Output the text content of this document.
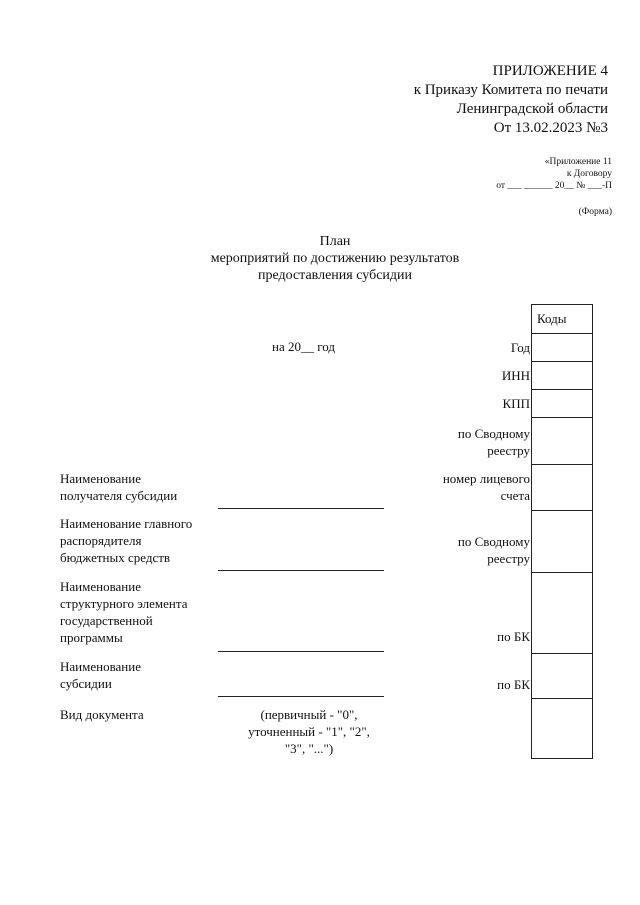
ПРИЛОЖЕНИЕ 4
к Приказу Комитета по печати
Ленинградской области
От 13.02.2023 №3
«Приложение 11
к Договору
от ___ ______ 20__ № ___-П
(Форма)
План
мероприятий по достижению результатов
предоставления субсидии
на 20__ год
Коды
Год
ИНН
КПП
по Сводному
реестру
номер лицевого
счета
по Сводному
реестру
по БК
по БК
Наименование
получателя субсидии
Наименование главного
распорядителя
бюджетных средств
Наименование
структурного элемента
государственной
программы
Наименование
субсидии
Вид документа	(первичный - "0",
уточненный - "1", "2",
"3", "...")
